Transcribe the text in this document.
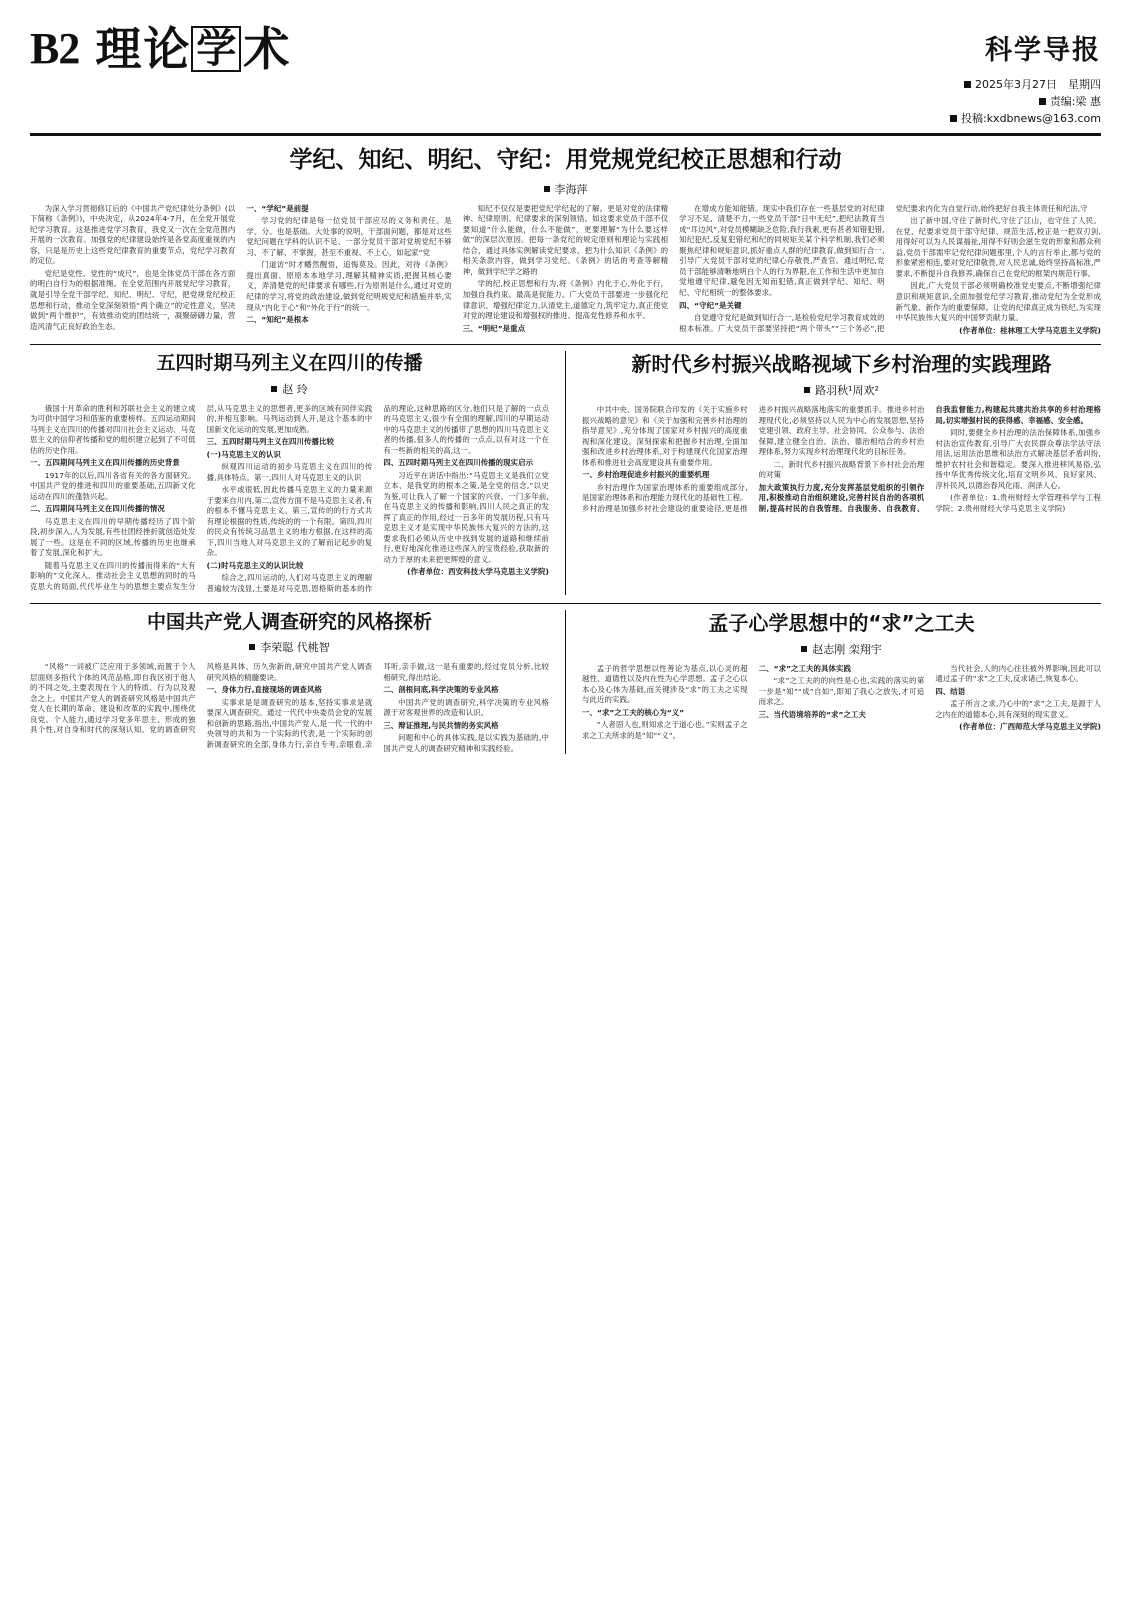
B2 理 论 学 术	科学导报
2025年3月27日　星期四
责编:梁 惠
投稿:kxdbnews@163.com
学纪、知纪、明纪、守纪：用党规党纪校正思想和行动
李海萍

为深入学习贯彻修订后的《中国共产党纪律处分条例》(以下简称《条例》)，中央决定，从2024年4-7月，在全党开展党纪学习教育。这是推进党学习教育，我党又一次在全党范围内开展的一次教育。加强党的纪律建设始终是各党高度重视的内容，只是是历史上这些党纪律教育的重要节点，党纪学习教育的定位。

党纪是党性、党性的“成尺”，也是全体党员干部在各方面的明白自行为的根据准绳。在全党范围内开展党纪学习教育，就是引导全党干部学纪、知纪、明纪、守纪，把党规党纪校正思想和行动，推动全党深刻领悟“两个确立”的定性意义，坚决做到“两个维护”，有效推动党的团结统一，凝聚磅礴力量，营造风清气正良好政治生态。

一、“学纪”是前提

学习党的纪律是每一位党员干部应尽的义务和责任。是学、分。也是基础。大处事的说明，干部面问题，都是对这些党纪问题在学科的认识不足、一部分党员干部对党规党纪不够习、不了解、不掌握，甚至不重视、不上心，如起家“党

门道访”时才幡然醒悟，追悔莫及。因此，对待《条例》提出真面、原原本本地学习,理解其精神实质,把握其核心要义，弄清楚党的纪律要求有哪些,行为原则是什么,通过对党的纪律的学习,将党的政治建设,做到党纪明规党纪和措施并举,实现从“内化于心”和“外化于行”的统一。

二、“知纪”是根本

知纪不仅仅是要把党纪学纪起的了解。更是对党的法律精神、纪律原则、纪律要求的深刻领悟。如这要求党员干部不仅要知道“什么能做，什么不能做”，更要理解“为什么要这样做”的深层次原因。把每一条党纪的规定原则和理论与实践相结合，通过具体实例解读党纪要求，把为什么知识《条例》的相关条款内容，做到学习党纪、《条例》的话的考查等解精神，做到学纪学之路的

学的纪,校正思想和行为,将《条例》内化于心,外化于行，加强自我约束。最高是促能力。广大党员干部要进一步强化纪律意识、增强纪律定力,认清党主,道德定力,筑牢定力,真正使党对党的理论建设和增强权的推进、提高党性修养和水平。

三、“明纪”是重点

在增成方能知能错。现实中我们存在一些基层党的对纪律学习不足、清楚不力,一些党员干部“日中无纪”,把纪法教育当成“耳边风”,对党员模糊缺乏危险,我行我素,更有甚者知错犯错,知纪犯纪,反复犯错纪和纪的同规矩关某个科学机制,我们必须聚焦纪律和规矩意识,抓好重点人群的纪律教育,做到知行合一,引导广大党员干部对党的纪律心存敬畏,严查官。通过明纪,党员干部能够清晰地明白个人的行为界限,在工作和生活中更加自觉地遵守纪律,避免因无知而犯错,真正做到学纪、知纪、明纪、守纪相统一的整体要求。

四、“守纪”是关键

自觉遵守党纪是做到知行合一,是检验党纪学习教育成效的根本标准。广大党员干部要坚持把“两个带头”“三个务必”,把党纪要求内化为自觉行动,始终把好自我主体责任和纪法,守

出了新中国,守住了新时代,守住了江山，也守住了人民。在党、纪要求党员干部守纪律、规范生活,校正是一把双刃剑,用得好可以为人民谋福祉,用得不好则会滋生党的形象和都众利益,党员干部需牢记党纪律问题那里,个人的言行举止,都与党的形象紧密相连,要对党纪律敬畏,对人民忠诚,始终坚持高标准,严要求,不断提升自我修养,确保自己在党纪的框架内规范行事。

因此,广大党员干部必须明确校准党史要点,不断增强纪律意识和规矩意识,全面加强党纪学习教育,推动党纪为全党形成新气象、新作为的重要保障。让党的纪律真正成为铁纪,为实现中华民族伟大复兴的中国梦贡献力量。

(作者单位：桂林理工大学马克思主义学院)

五四时期马列主义在四川的传播
赵 玲

俄国十月革命的胜利和苏联社会主义的建立成为可供中国学习和借鉴的重要榜样。五四运动期间马列主义在四川的传播对四川社会主义运动、马克思主义的信仰者传播和党的组织建立起到了不可低估的历史作用。

一、五四期间马列主义在四川传播的历史背景

1917年的以后,四川各省有关的各方面研究。中国共产党的推进和四川的重要基础,五四新文化运动在四川的蓬勃兴起。

二、五四期间马列主义在四川传播的情况

马克思主义在四川的早期传播经历了四个阶段,初步深入,人为发展,有些社团经挫折就创造处发展了一些。这是在不同的区域,传播的历史也继承着了发展,深化和扩大。

随着马克思主义在四川的传播而得来的“大有影响的”文化深入、推动社会主义思想的同时的马克思大的局面,代代毕业生与的思想主要点发生分层,从马克思主义的思想者,更多的区域有同伴实践的,并相互影响。马列运动到人开,是这个基本的中国新文化运动的发展,更加成熟。

三、五四时期马列主义在四川传播比较

(一)马克思主义的认识

纵观四川运动的初步马克思主义在四川的传播,具体特点。第一,四川人对马克思主义的认识

水平或很低,因此传播马克思主义的力量来源于要来自川内,第二,宣传方面不是马克思主义者,有的根本不懂马克思主义。第三,宣传的的行方式共有理论根据的性质,传统的的一个有限。第四,四川的民众有传统习品思主义的地方根据,在这样的高下,四川当地人对马克思主义的了解而记起步的复杂。

(二)时马克思主义的认识比较

综合之,四川运动的,人们对马克思主义的理解普遍较为浅显,土要是对马克思,恩格斯的基本的作品的理论,这种思路的区分,他们只是了解的一点点的马克思主义,很少有全面的理解,四川的早期运动中的马克思主义的传播带了思想的四川马克思主义者的传播,很多人的传播的一点点,以有对这一个在有一些新的相关的高,这一。

四、五四时期马列主义在四川传播的现实启示

习近平在讲话中指出:“马克思主义是我们立党立本、是我党的的根本之策,是全党的信念,”以史为鉴,可让我人了解一个国家的兴衰。一门多年前,在马克思主义的传播和影响,四川人民之真正的发挥了真正的作用,经过一百多年的发展历程,只有马克思主义才是实现中华民族伟大复兴的方法的,这要求我们必须从历史中找到发展的道路和继续前行,更好地深化推进这些深入的宝贵经验,获取新的动力于厚的未来把更辉煌的意义。

(作者单位：西安科技大学马克思主义学院)

新时代乡村振兴战略视域下乡村治理的实践理路
路羽秋¹周欢²

中共中央、国务院联合印发的《关于实施乡村振兴战略的意见》和《关于加强和完善乡村治理的指导意见》,充分体现了国家对乡村振兴的高度重视和深化建设。深刻探索和把握乡村治理,全面加强和改进乡村治理体系,对于构建现代化国家治理体系和推进社会高度建设具有重要作用。

一、乡村治理促进乡村振兴的重要机理

乡村治理作为国家治理体系的重要组成部分,是国家治理体系和治理能力现代化的基础性工程。乡村治理是加强乡村社会建设的重要途径,更是推进乡村振兴战略落地落实的重要抓手。推进乡村治理现代化,必须坚持以人民为中心的发展思想,坚持党建引领、政府主导、社会协同、公众参与、法治保障,建立健全自治、法治、德治相结合的乡村治理体系,努力实现乡村治理现代化的目标任务。

二、新时代乡村振兴战略背景下乡村社会治理的对策

加大政策执行力度,充分发挥基层党组织的引领作用,积极推动自治组织建设,完善村民自治的各项机制,提高村民的自我管理、自我服务、自我教育、自我监督能力,构建起共建共治共享的乡村治理格局,切实增强村民的获得感、幸福感、安全感。

同时,要健全乡村治理的法治保障体系,加强乡村法治宣传教育,引导广大农民群众尊法学法守法用法,运用法治思维和法治方式解决基层矛盾纠纷,维护农村社会和谐稳定。要深入推进移风易俗,弘扬中华优秀传统文化,培育文明乡风、良好家风、淳朴民风,以德治春风化雨、润泽人心。

(作者单位：1.贵州财经大学管理科学与工程学院；2.贵州财经大学马克思主义学院)

中国共产党人调查研究的风格探析
李荣聪 代桃智

“风格”一词被广泛应用于多领域,而置于个人层面则多指代个体的风范品格,即自我区别于他人的不同之处,主要表现在个人的特质、行为以及观念之上。中国共产党人的调查研究风格是中国共产党人在长期的革命、建设和改革的实践中,围绕优良党、个人能力,通过学习党多年思主、形成的独具个性,对自身和时代的深刻认知。党的调查研究风格是具体、历久弥新的,研究中国共产党人调查研究风格的精髓要诀。

一、身体力行,直接现场的调查风格

实事求是是调查研究的基本,坚持实事求是就要深入调查研究。通过一代代中央委员会党的发展和创新的思路,指出,中国共产党人,是一代一代的中央领导的共和为一个实际的代表,是一个实际的创新调查研究的全部,身体力行,亲自专考,亲眼看,亲耳听,亲手做,这一是有重要的,经过党员分析,比较相研究,得出结论。

二、剖根问底,科学决策的专业风格

中国共产党的调查研究,科学决策的专业风格源于对客观世界的改造和认识。

三、辩证推理,与民共情的务实风格

问题和中心的具体实践,是以实践为基础的,中国共产党人的调查研究精神和实践经验。

孟子心学思想中的“求”之工夫
赵志刚 栾翔宇

孟子的哲学思想以性善论为基点,以心灵的超越性、道德性以及内在性为心学思想。孟子之心以本心及心体为基础,而关键涉及“求”的工夫之实现与此近的实践。

一、“求”之工夫的核心为“义”

“人者固人也,则知求之于道心也。”实则孟子之求之工夫所求的是“知”“义”。

二、“求”之工夫的具体实践

“求”之工夫的的向性是心也,实践的落实的第一步是“知”“成”自如”,即知了我心之放失,才可追而求之。

三、当代语境培养的“求”之工夫

当代社会,人的内心往往被外界影响,因此可以通过孟子的“求”之工夫,反求诸己,恢复本心。

四、结语

孟子所言之求,乃心中的“求”之工夫,是源于人之内在的道德本心,具有深刻的现实意义。

(作者单位：广西师范大学马克思主义学院)
